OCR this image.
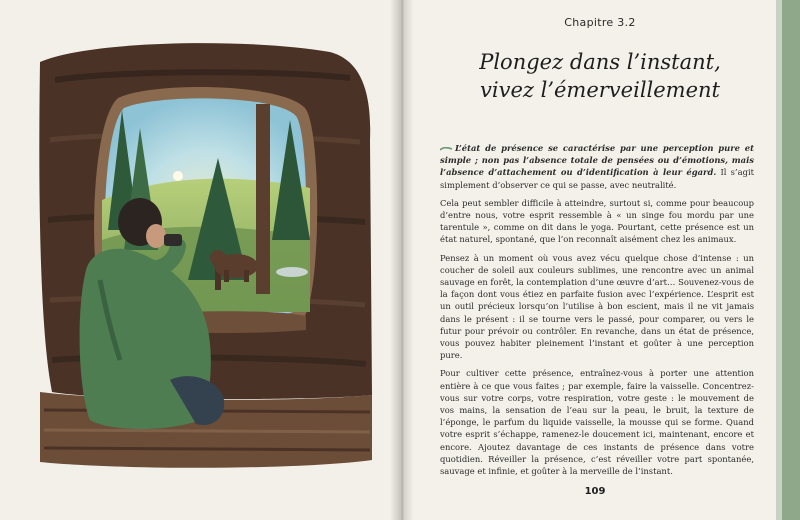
Chapitre 3.2
Plongez dans l’instant,
vivez l’émerveillement

L’état de présence se caractérise par une perception pure et simple ; non pas l’absence totale de pensées ou d’émotions, mais l’absence d’attachement ou d’identification à leur égard. Il s’agit simplement d’observer ce qui se passe, avec neutralité.

Cela peut sembler difficile à atteindre, surtout si, comme pour beaucoup d’entre nous, votre esprit ressemble à « un singe fou mordu par une tarentule », comme on dit dans le yoga. Pourtant, cette présence est un état naturel, spontané, que l’on reconnaît aisément chez les animaux.

Pensez à un moment où vous avez vécu quelque chose d’intense : un coucher de soleil aux couleurs sublimes, une rencontre avec un animal sauvage en forêt, la contemplation d’une œuvre d’art… Souvenez-vous de la façon dont vous étiez en parfaite fusion avec l’expérience. L’esprit est un outil précieux lorsqu’on l’utilise à bon escient, mais il ne vit jamais dans le présent : il se tourne vers le passé, pour comparer, ou vers le futur pour prévoir ou contrôler. En revanche, dans un état de présence, vous pouvez habiter pleinement l’instant et goûter à une perception pure.

Pour cultiver cette présence, entraînez-vous à porter une attention entière à ce que vous faites ; par exemple, faire la vaisselle. Concentrez-vous sur votre corps, votre respiration, votre geste : le mouvement de vos mains, la sensation de l’eau sur la peau, le bruit, la texture de l’éponge, le parfum du liquide vaisselle, la mousse qui se forme. Quand votre esprit s’échappe, ramenez-le doucement ici, maintenant, encore et encore. Ajoutez davantage de ces instants de présence dans votre quotidien. Réveiller la présence, c’est réveiller votre part spontanée, sauvage et infinie, et goûter à la merveille de l’instant.

109
